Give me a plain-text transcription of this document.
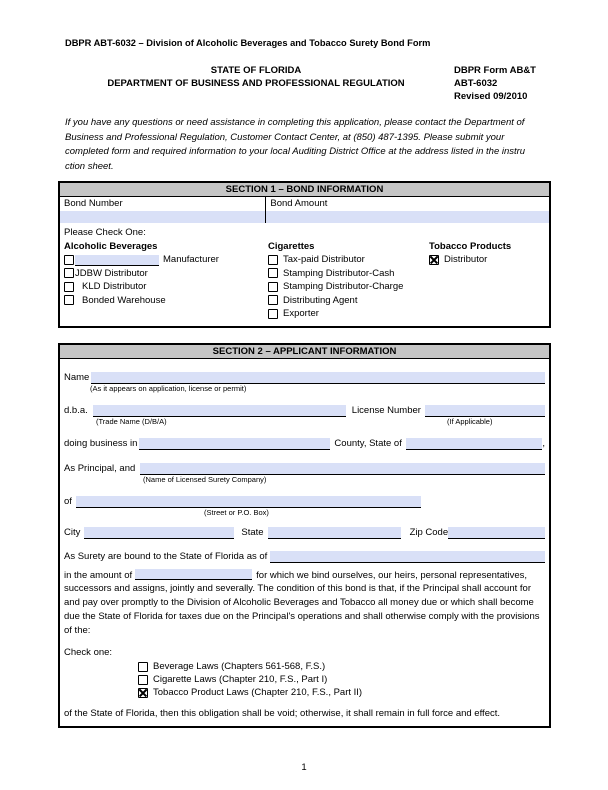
DBPR ABT-6032 – Division of Alcoholic Beverages and Tobacco Surety Bond Form
STATE OF FLORIDA
DEPARTMENT OF BUSINESS AND PROFESSIONAL REGULATION
DBPR Form AB&T
ABT-6032
Revised 09/2010
If you have any questions or need assistance in completing this application, please contact the Department of
Business and Professional Regulation, Customer Contact Center, at (850) 487-1395. Please submit your
completed form and required information to your local Auditing District Office at the address listed in the instru
ction sheet.
SECTION 1 – BOND INFORMATION
Bond Number	Bond Amount
Please Check One:
Alcoholic Beverages
Manufacturer
JDBW Distributor
KLD Distributor
Bonded Warehouse
Cigarettes
Tax-paid Distributor
Stamping Distributor-Cash
Stamping Distributor-Charge
Distributing Agent
Exporter
Tobacco Products
Distributor
SECTION 2 – APPLICANT INFORMATION
Name
(As it appears on application, license or permit)
d.b.a.	License Number
(Trade Name (D/B/A)	(If Applicable)
doing business in	County, State of	,
As Principal, and
(Name of Licensed Surety Company)
of
(Street or P.O. Box)
City	State	Zip Code
As Surety are bound to the State of Florida as of
in the amount of	for which we bind ourselves, our heirs, personal representatives, successors and assigns, jointly and severally. The condition of this bond is that, if the Principal shall account for and pay over promptly to the Division of Alcoholic Beverages and Tobacco all money due or which shall become due the State of Florida for taxes due on the Principal's operations and shall otherwise comply with the provisions of the:
Check one:
Beverage Laws (Chapters 561-568, F.S.)
Cigarette Laws (Chapter 210, F.S., Part I)
Tobacco Product Laws (Chapter 210, F.S., Part II)
of the State of Florida, then this obligation shall be void; otherwise, it shall remain in full force and effect.
1
